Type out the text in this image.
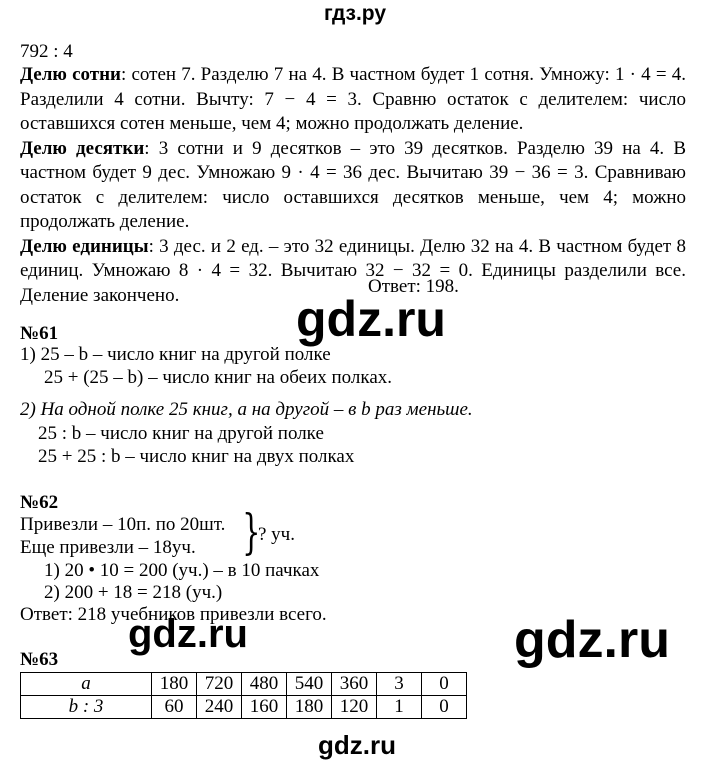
гдз.ру
792 : 4
Делю сотни: сотен 7. Разделю 7 на 4. В частном будет 1 сотня. Умножу: 1 · 4 = 4. Разделили 4 сотни. Вычту: 7 − 4 = 3. Сравню остаток с делителем: число оставшихся сотен меньше, чем 4; можно продолжать деление.
Делю десятки: 3 сотни и 9 десятков – это 39 десятков. Разделю 39 на 4. В частном будет 9 дес. Умножаю 9 · 4 = 36 дес. Вычитаю 39 − 36 = 3. Сравниваю остаток с делителем: число оставшихся десятков меньше, чем 4; можно продолжать деление.
Делю единицы: 3 дес. и 2 ед. – это 32 единицы. Делю 32 на 4. В частном будет 8 единиц. Умножаю 8 · 4 = 32. Вычитаю 32 − 32 = 0. Единицы разделили все. Деление закончено.	Ответ: 198.
gdz.ru
№61
1) 25 – b – число книг на другой полке
25 + (25 – b) – число книг на обеих полках.
2) На одной полке 25 книг, а на другой – в b раз меньше.
25 : b – число книг на другой полке
25 + 25 : b – число книг на двух полках
№62
Привезли – 10п. по 20шт.
Еще привезли – 18уч. }
? уч.
1) 20 • 10 = 200 (уч.) – в 10 пачках
2) 200 + 18 = 218 (уч.)
Ответ: 218 учебников привезли всего.
gdz.ru	gdz.ru
№63
a	180	720	480	540	360	3	0
b : 3	60	240	160	180	120	1	0
gdz.ru
